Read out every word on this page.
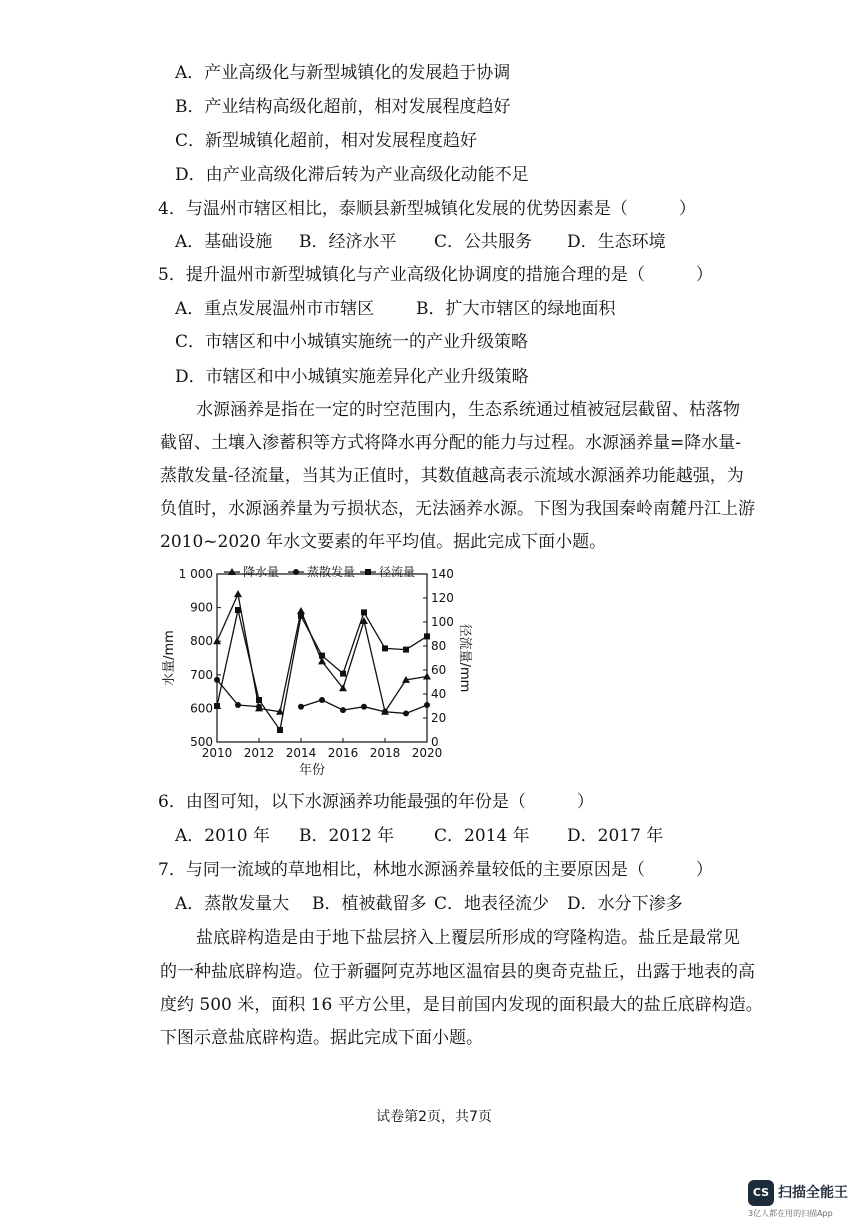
A．产业高级化与新型城镇化的发展趋于协调
B．产业结构高级化超前，相对发展程度趋好
C．新型城镇化超前，相对发展程度趋好
D．由产业高级化滞后转为产业高级化动能不足
4．与温州市辖区相比，泰顺县新型城镇化发展的优势因素是（　　　）
A．基础设施 B．经济水平 C．公共服务 D．生态环境
5．提升温州市新型城镇化与产业高级化协调度的措施合理的是（　　　）
A．重点发展温州市市辖区 B．扩大市辖区的绿地面积
C．市辖区和中小城镇实施统一的产业升级策略
D．市辖区和中小城镇实施差异化产业升级策略
水源涵养是指在一定的时空范围内，生态系统通过植被冠层截留、枯落物
截留、土壤入渗蓄积等方式将降水再分配的能力与过程。水源涵养量=降水量-
蒸散发量-径流量，当其为正值时，其数值越高表示流域水源涵养功能越强，为
负值时，水源涵养量为亏损状态，无法涵养水源。下图为我国秦岭南麓丹江上游
2010~2020 年水文要素的年平均值。据此完成下面小题。
500
600
700
800
900
1 000
0
20
40
60
80
100
120
140
2010 2012 2014 2016 2018 2020
水量/mm	径流量/mm
年份
降水量 蒸散发量 径流量
6．由图可知，以下水源涵养功能最强的年份是（　　　）
A．2010 年 B．2012 年 C．2014 年 D．2017 年
7．与同一流域的草地相比，林地水源涵养量较低的主要原因是（　　　）
A．蒸散发量大 B．植被截留多 C．地表径流少 D．水分下渗多
盐底辟构造是由于地下盐层挤入上覆层所形成的穹隆构造。盐丘是最常见
的一种盐底辟构造。位于新疆阿克苏地区温宿县的奥奇克盐丘，出露于地表的高
度约 500 米，面积 16 平方公里，是目前国内发现的面积最大的盐丘底辟构造。
下图示意盐底辟构造。据此完成下面小题。
试卷第2页，共7页
CS 扫描全能王
3亿人都在用的扫描App
